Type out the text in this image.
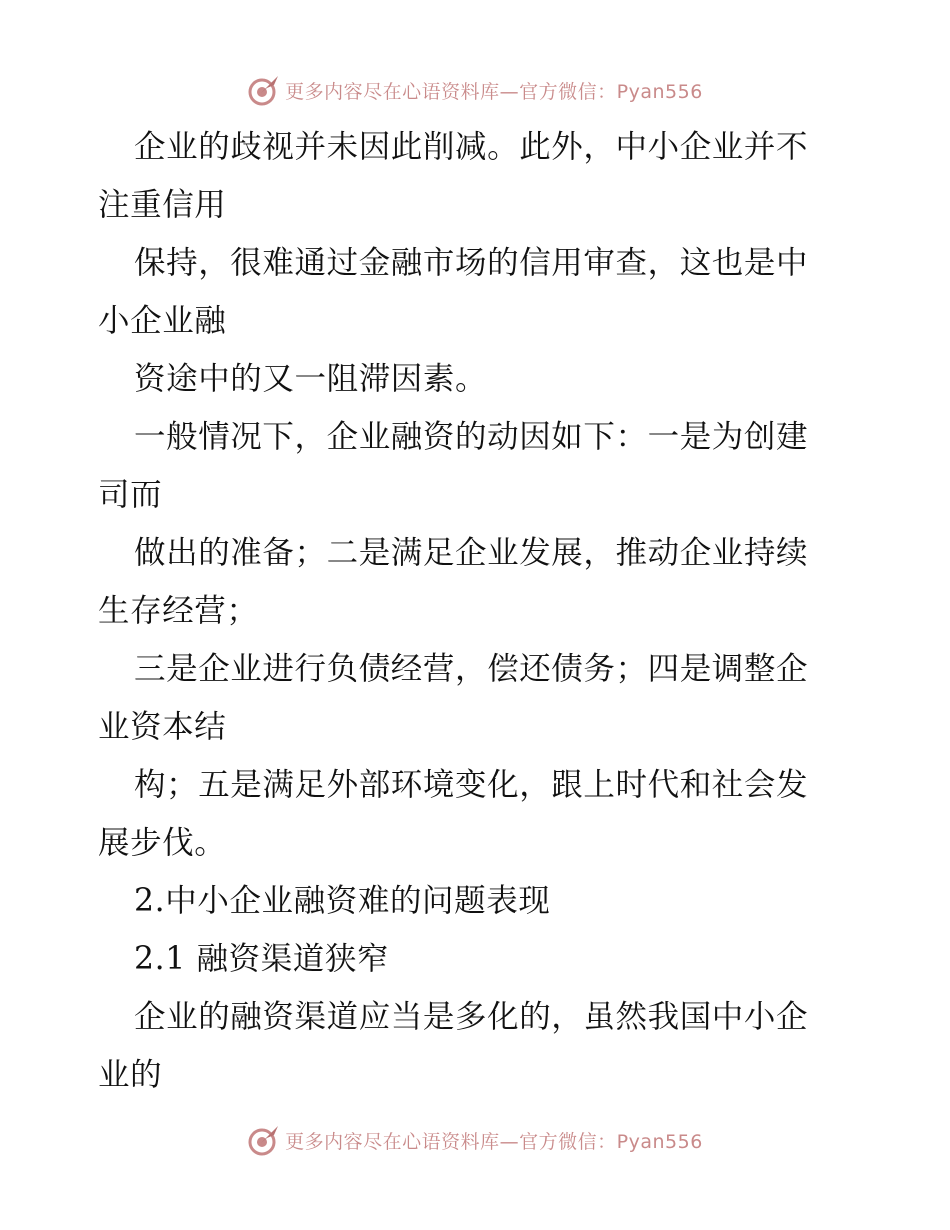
更多内容尽在心语资料库—官方微信：Pyan556
企业的歧视并未因此削减。此外，中小企业并不
注重信用
保持，很难通过金融市场的信用审查，这也是中
小企业融
资途中的又一阻滞因素。
一般情况下，企业融资的动因如下：一是为创建
司而
做出的准备；二是满足企业发展，推动企业持续
生存经营；
三是企业进行负债经营，偿还债务；四是调整企
业资本结
构；五是满足外部环境变化，跟上时代和社会发
展步伐。
2.中小企业融资难的问题表现
2.1 融资渠道狭窄
企业的融资渠道应当是多化的，虽然我国中小企
业的
更多内容尽在心语资料库—官方微信：Pyan556
